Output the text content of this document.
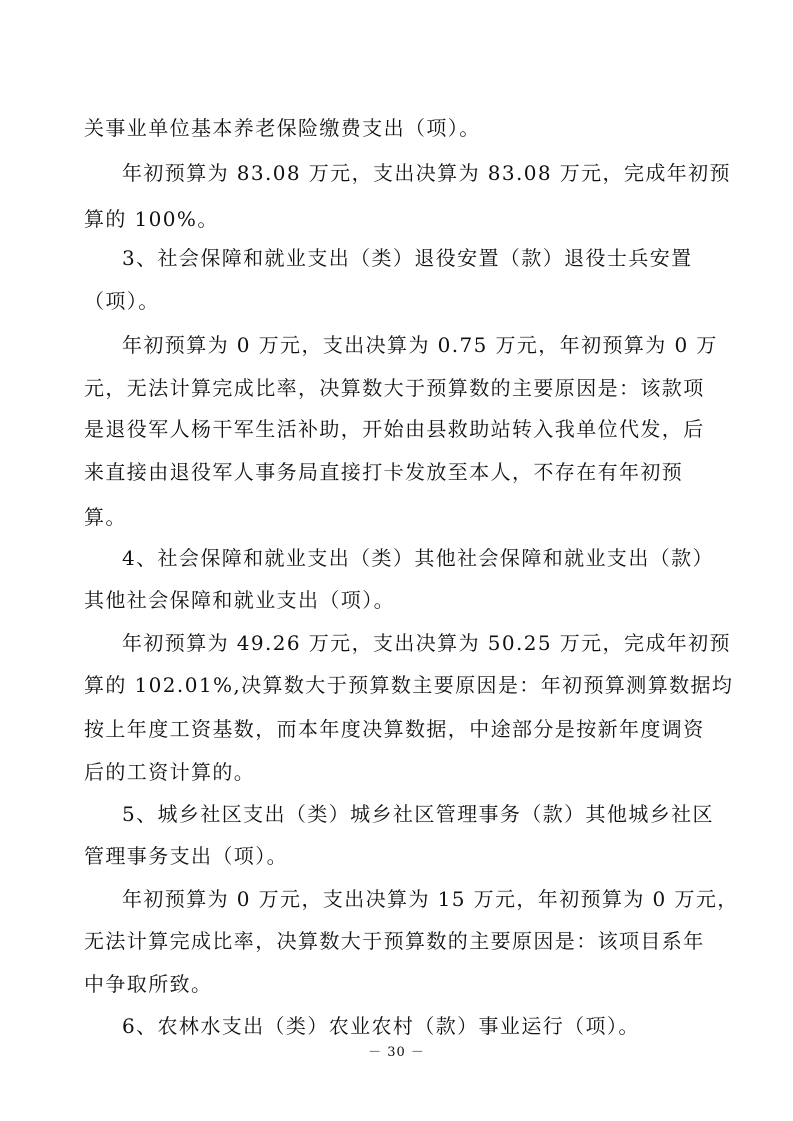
关事业单位基本养老保险缴费支出（项）。
年初预算为 83.08 万元，支出决算为 83.08 万元，完成年初预
算的 100%。
3、社会保障和就业支出（类）退役安置（款）退役士兵安置
（项）。
年初预算为 0 万元，支出决算为 0.75 万元，年初预算为 0 万
元，无法计算完成比率，决算数大于预算数的主要原因是：该款项
是退役军人杨干军生活补助，开始由县救助站转入我单位代发，后
来直接由退役军人事务局直接打卡发放至本人，不存在有年初预
算。
4、社会保障和就业支出（类）其他社会保障和就业支出（款）
其他社会保障和就业支出（项）。
年初预算为 49.26 万元，支出决算为 50.25 万元，完成年初预
算的 102.01%,决算数大于预算数主要原因是：年初预算测算数据均
按上年度工资基数，而本年度决算数据，中途部分是按新年度调资
后的工资计算的。
5、城乡社区支出（类）城乡社区管理事务（款）其他城乡社区
管理事务支出（项）。
年初预算为 0 万元，支出决算为 15 万元，年初预算为 0 万元，
无法计算完成比率，决算数大于预算数的主要原因是：该项目系年
中争取所致。
6、农林水支出（类）农业农村（款）事业运行（项）。
－ 30 －
